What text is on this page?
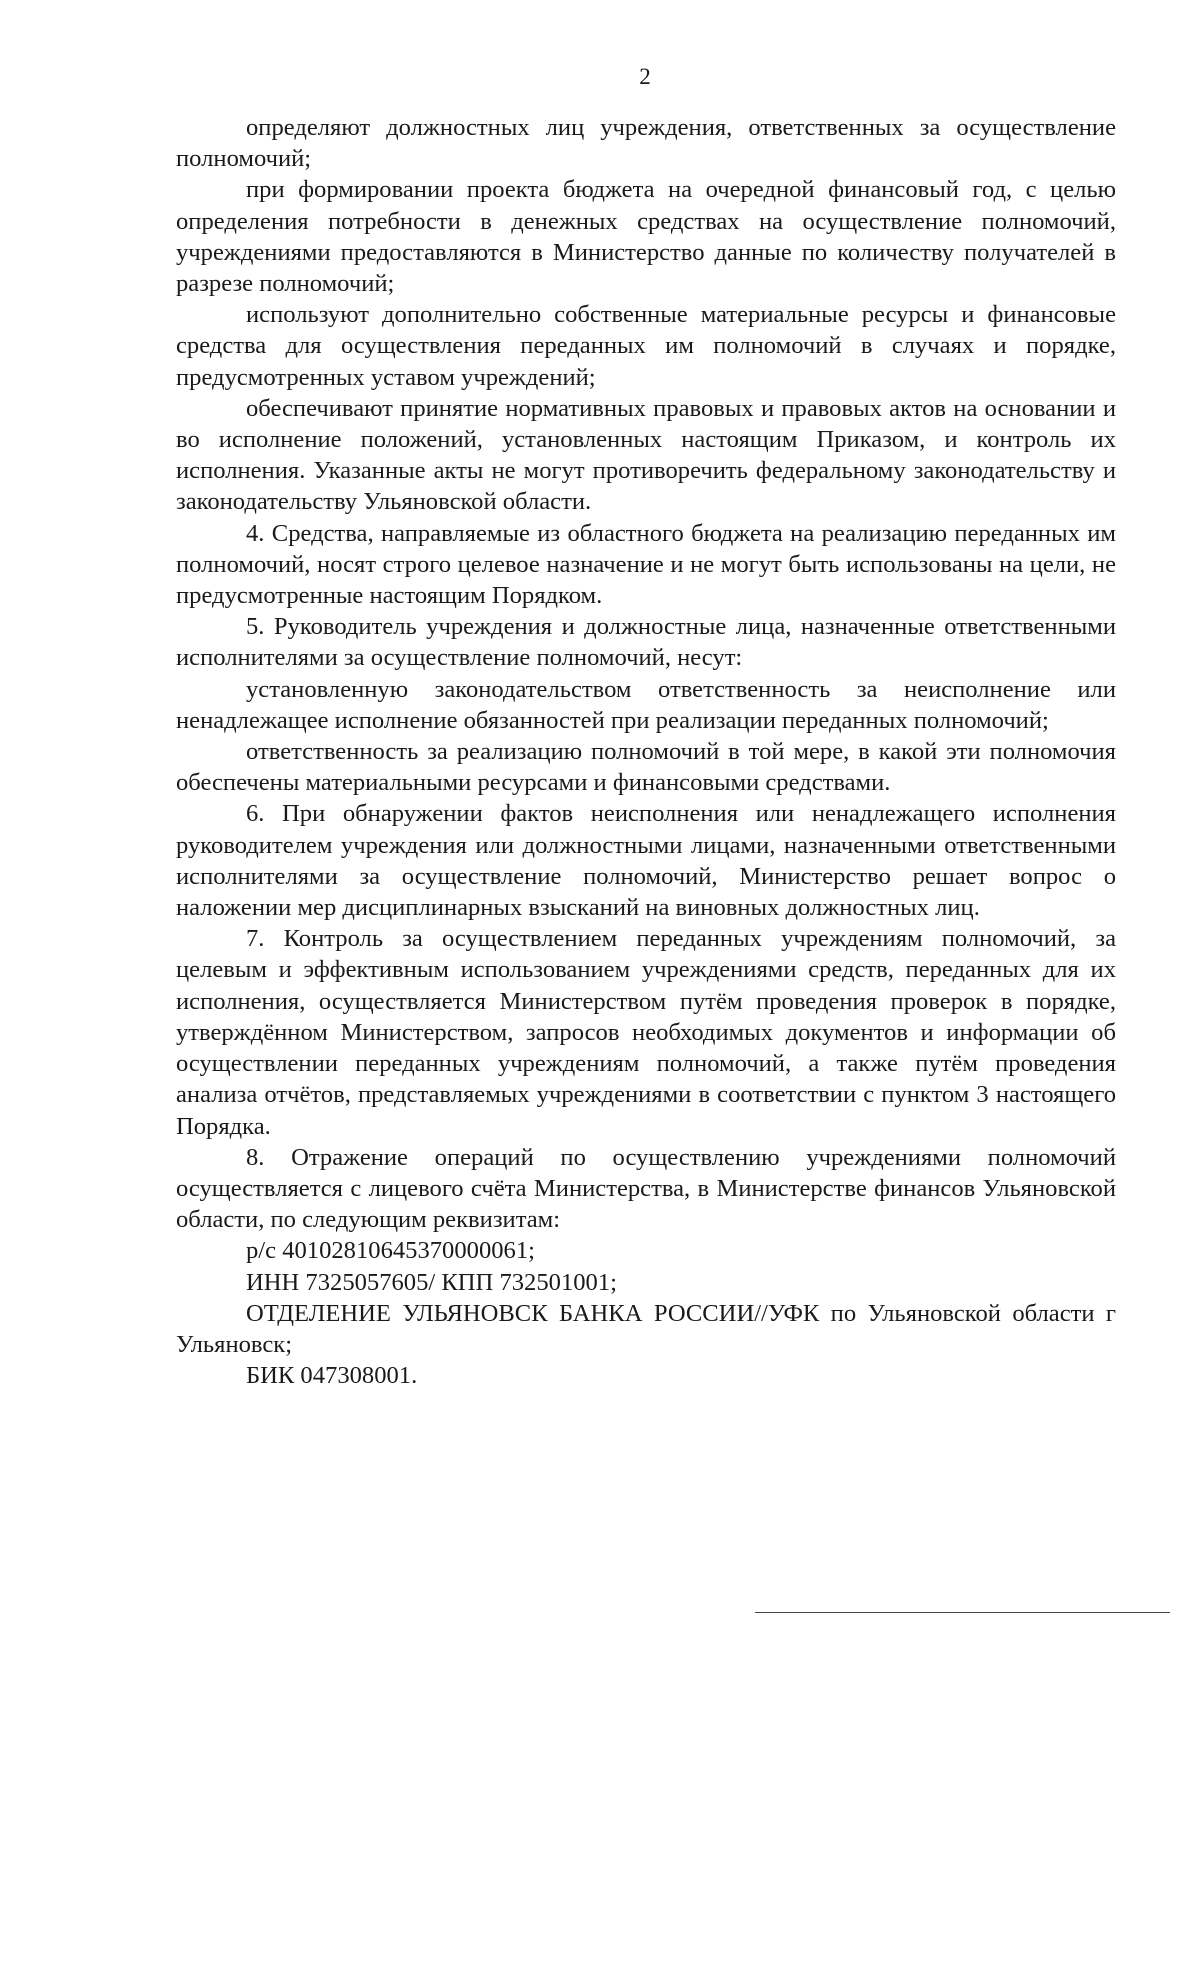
2

определяют должностных лиц учреждения, ответственных за осуществление полномочий;

при формировании проекта бюджета на очередной финансовый год, с целью определения потребности в денежных средствах на осуществление полномочий, учреждениями предоставляются в Министерство данные по количеству получателей в разрезе полномочий;

используют дополнительно собственные материальные ресурсы и финансовые средства для осуществления переданных им полномочий в случаях и порядке, предусмотренных уставом учреждений;

обеспечивают принятие нормативных правовых и правовых актов на основании и во исполнение положений, установленных настоящим Приказом, и контроль их исполнения. Указанные акты не могут противоречить федеральному законодательству и законодательству Ульяновской области.

4. Средства, направляемые из областного бюджета на реализацию переданных им полномочий, носят строго целевое назначение и не могут быть использованы на цели, не предусмотренные настоящим Порядком.

5. Руководитель учреждения и должностные лица, назначенные ответственными исполнителями за осуществление полномочий, несут:

установленную законодательством ответственность за неисполнение или ненадлежащее исполнение обязанностей при реализации переданных полномочий;

ответственность за реализацию полномочий в той мере, в какой эти полномочия обеспечены материальными ресурсами и финансовыми средствами.

6. При обнаружении фактов неисполнения или ненадлежащего исполнения руководителем учреждения или должностными лицами, назначенными ответственными исполнителями за осуществление полномочий, Министерство решает вопрос о наложении мер дисциплинарных взысканий на виновных должностных лиц.

7. Контроль за осуществлением переданных учреждениям полномочий, за целевым и эффективным использованием учреждениями средств, переданных для их исполнения, осуществляется Министерством путём проведения проверок в порядке, утверждённом Министерством, запросов необходимых документов и информации об осуществлении переданных учреждениям полномочий, а также путём проведения анализа отчётов, представляемых учреждениями в соответствии с пунктом 3 настоящего Порядка.

8. Отражение операций по осуществлению учреждениями полномочий осуществляется с лицевого счёта Министерства, в Министерстве финансов Ульяновской области, по следующим реквизитам:

р/с 40102810645370000061;

ИНН 7325057605/ КПП 732501001;

ОТДЕЛЕНИЕ УЛЬЯНОВСК БАНКА РОССИИ//УФК по Ульяновской области г Ульяновск;

БИК 047308001.
